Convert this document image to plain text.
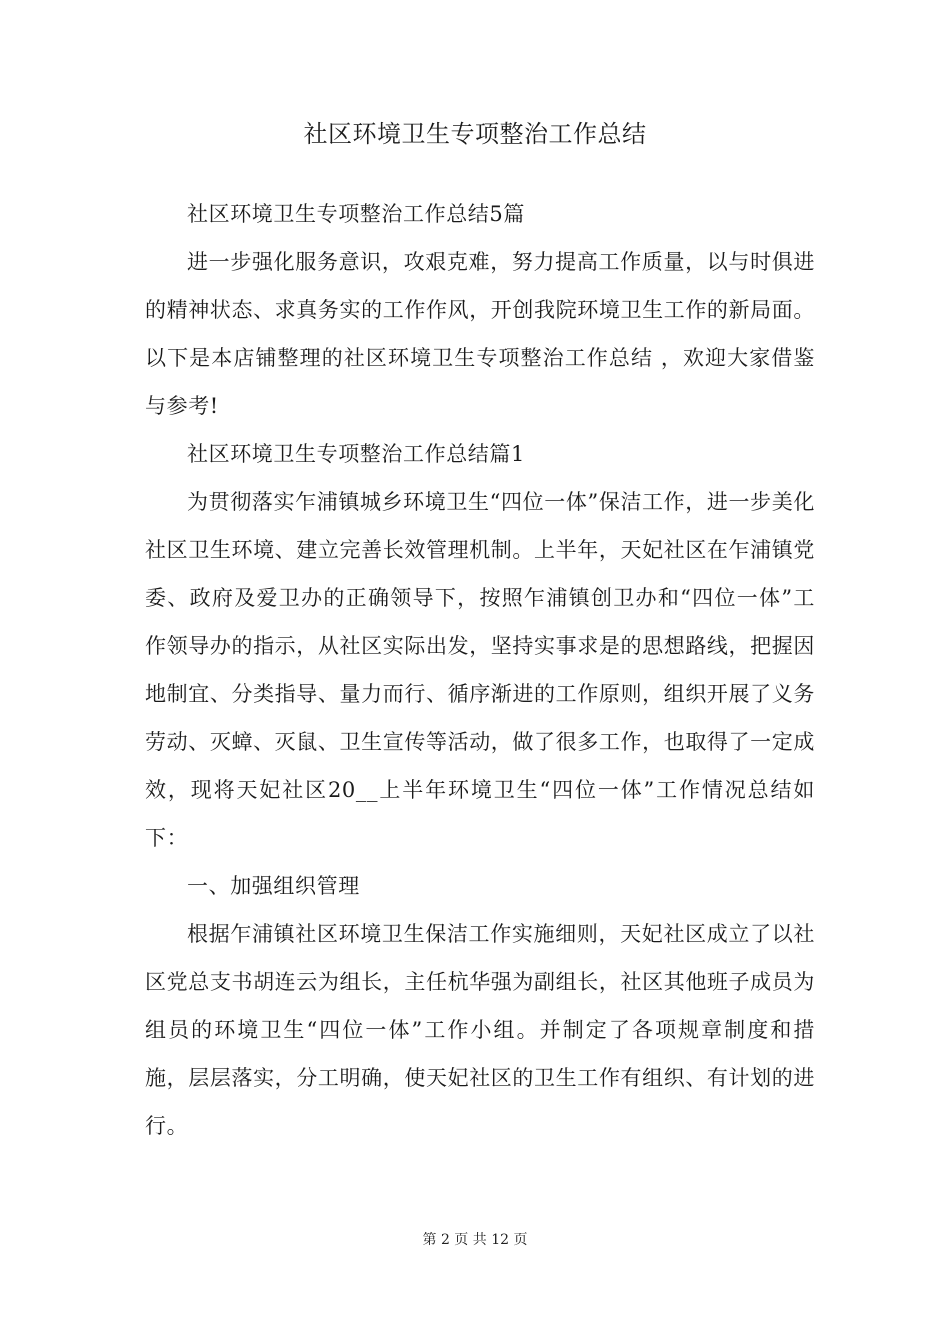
社区环境卫生专项整治工作总结

社区环境卫生专项整治工作总结5篇

进一步强化服务意识，攻艰克难，努力提高工作质量，以与时俱进的精神状态、求真务实的工作作风，开创我院环境卫生工作的新局面。以下是本店铺整理的社区环境卫生专项整治工作总结 ，欢迎大家借鉴与参考!

社区环境卫生专项整治工作总结篇1

为贯彻落实乍浦镇城乡环境卫生“四位一体”保洁工作，进一步美化社区卫生环境、建立完善长效管理机制。上半年，天妃社区在乍浦镇党委、政府及爱卫办的正确领导下，按照乍浦镇创卫办和“四位一体”工作领导办的指示，从社区实际出发，坚持实事求是的思想路线，把握因地制宜、分类指导、量力而行、循序渐进的工作原则，组织开展了义务劳动、灭蟑、灭鼠、卫生宣传等活动，做了很多工作，也取得了一定成效，现将天妃社区20__上半年环境卫生“四位一体”工作情况总结如下：

一、加强组织管理

根据乍浦镇社区环境卫生保洁工作实施细则，天妃社区成立了以社区党总支书胡连云为组长，主任杭华强为副组长，社区其他班子成员为组员的环境卫生“四位一体”工作小组。并制定了各项规章制度和措施，层层落实，分工明确，使天妃社区的卫生工作有组织、有计划的进行。

第 2 页 共 12 页
